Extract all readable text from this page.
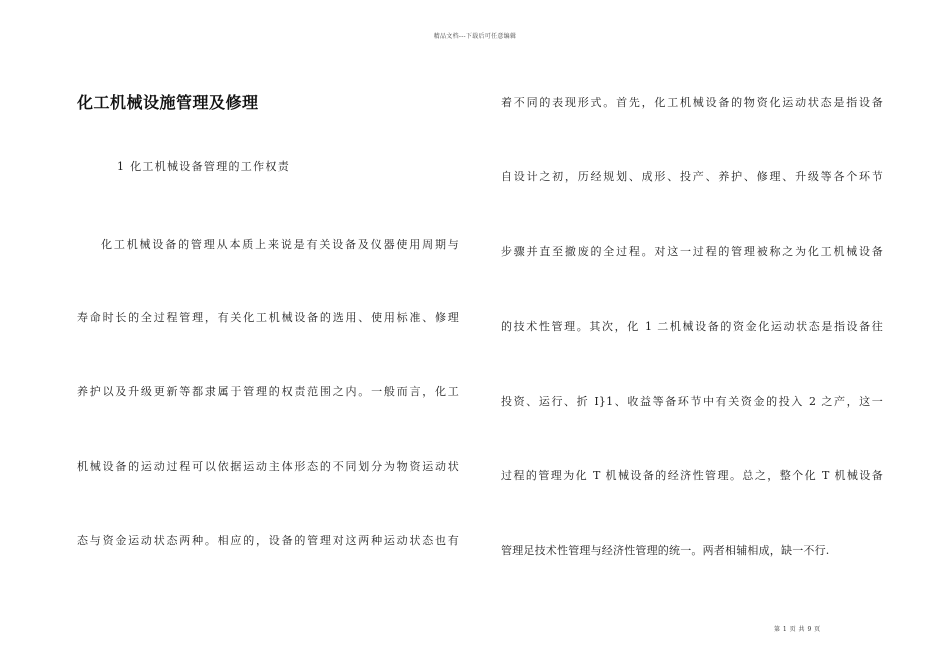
精品文档---下载后可任意编辑
化工机械设施管理及修理
1 化工机械设备管理的工作权责
化工机械设备的管理从本质上来说是有关设备及仪器使用周期与
寿命时长的全过程管理，有关化工机械设备的选用、使用标准、修理
养护以及升级更新等都隶属于管理的权责范围之内。一般而言，化工
机械设备的运动过程可以依据运动主体形态的不同划分为物资运动状
态与资金运动状态两种。相应的，设备的管理对这两种运动状态也有
着不同的表现形式。首先，化工机械设备的物资化运动状态是指设备
自设计之初，历经规划、成形、投产、养护、修理、升级等各个环节
步骤并直至撤废的全过程。对这一过程的管理被称之为化工机械设备
的技术性管理。其次，化 1 二机械设备的资金化运动状态是指设备往
投资、运行、折 I}1、收益等备环节中有关资金的投入 2 之产，这一
过程的管理为化 T 机械设备的经济性管理。总之，整个化 T 机械设备
管理足技术性管理与经济性管理的统一。两者相辅相成，缺一不行.
第 1 页 共 9 页
